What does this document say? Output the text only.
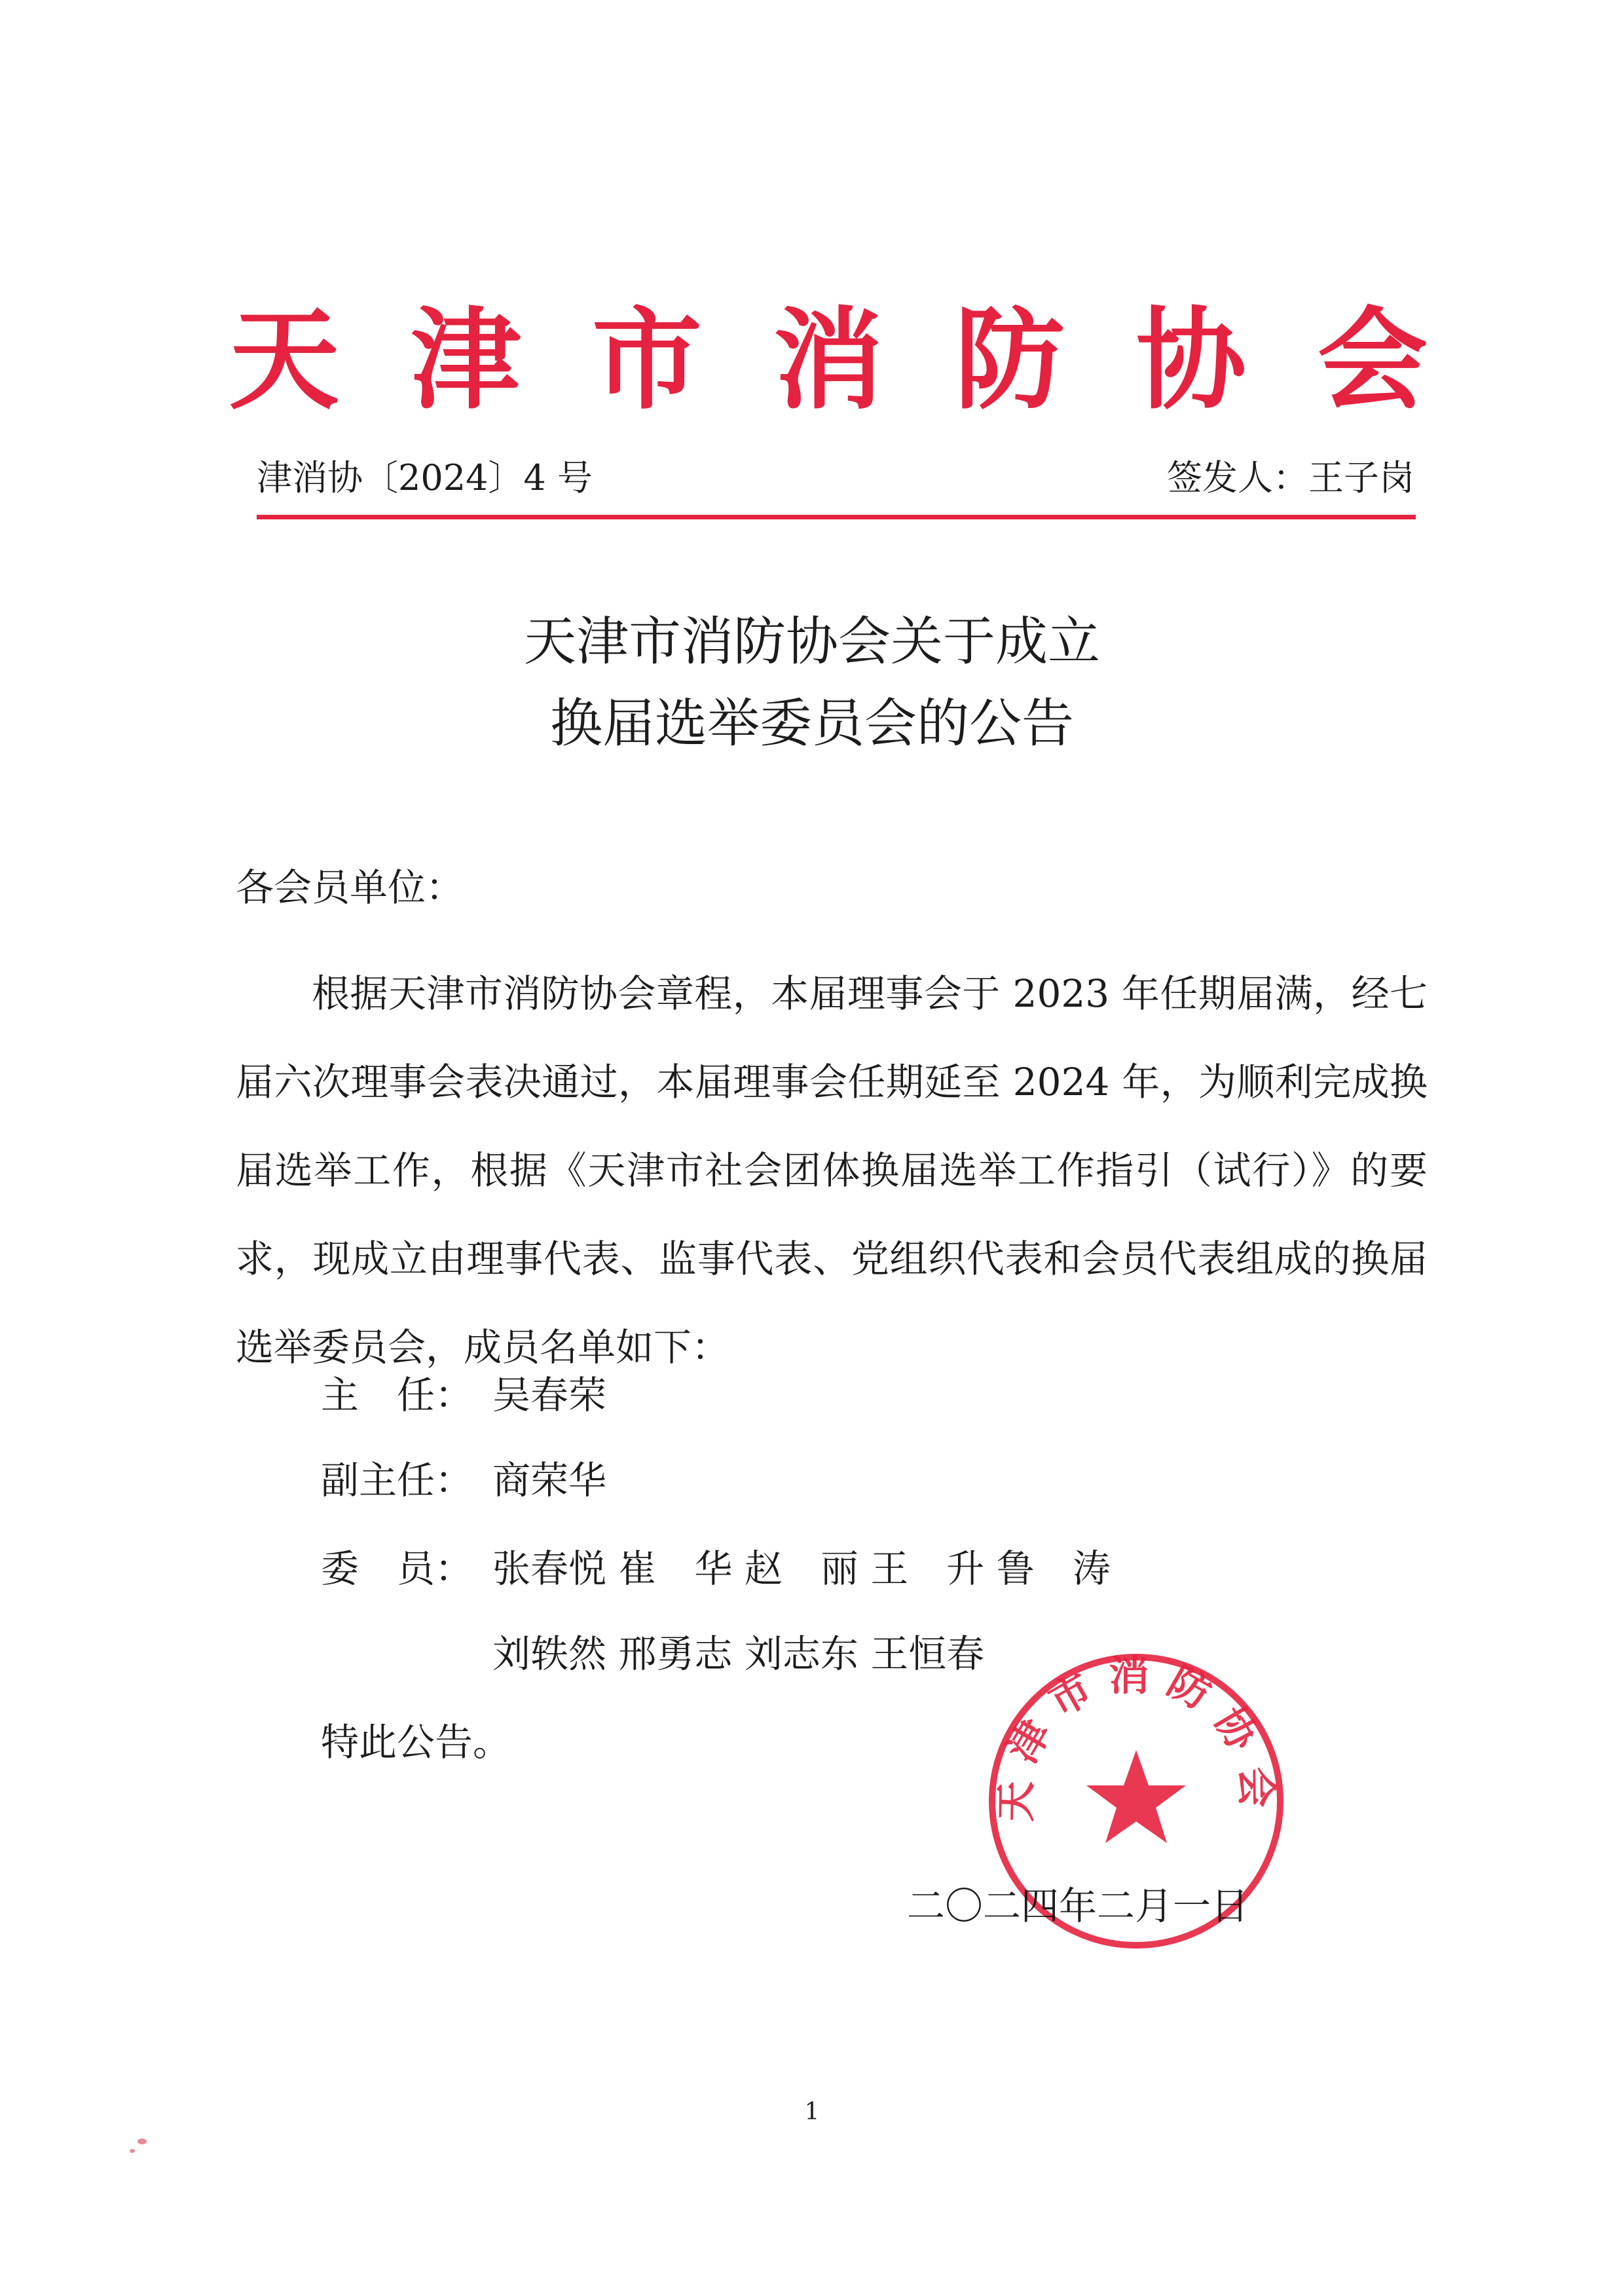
天 津 市 消 防 协 会
津消协〔2024〕4 号	签发人：王子岗
天津市消防协会关于成立
换届选举委员会的公告
各会员单位：
根据天津市消防协会章程，本届理事会于 2023 年任期届满，经七届六次理事会表决通过，本届理事会任期延至 2024 年，为顺利完成换届选举工作，根据《天津市社会团体换届选举工作指引（试行）》的要求，现成立由理事代表、监事代表、党组织代表和会员代表组成的换届选举委员会，成员名单如下：
主　任： 吴春荣
副主任： 商荣华
委　员： 张春悦 崔　华 赵　丽 王　升 鲁　涛
刘轶然 邢勇志 刘志东 王恒春
特此公告。
二〇二四年二月一日
天津市消防协会
1
